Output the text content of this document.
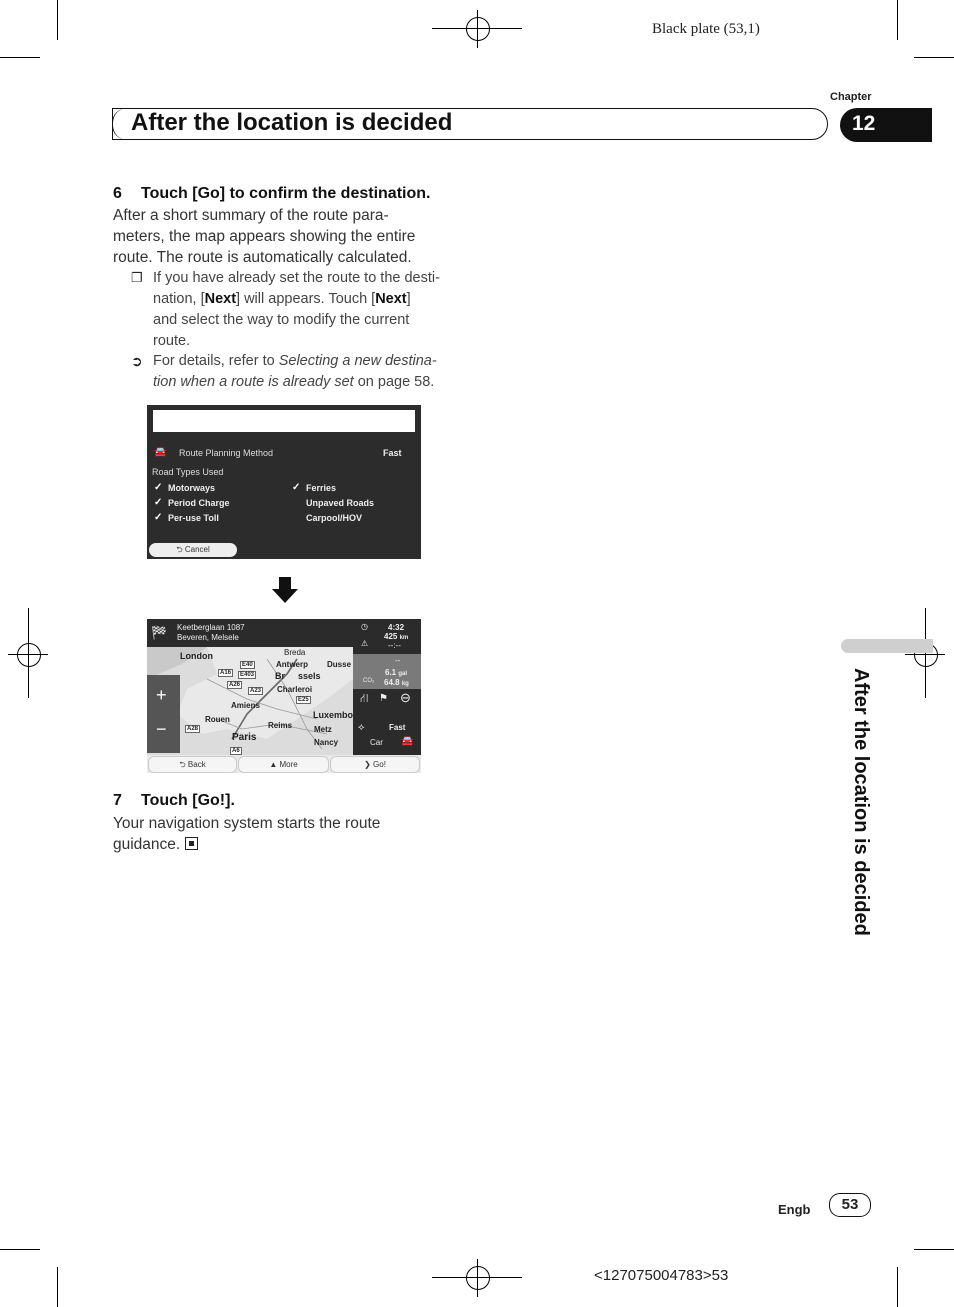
Black plate (53,1)
Chapter
After the location is decided	12
After the location is decided
6 Touch [Go] to confirm the destination.
After a short summary of the route para-
meters, the map appears showing the entire
route. The route is automatically calculated.
❐ If you have already set the route to the desti-
nation, [Next] will appears. Touch [Next]
and select the way to modify the current
route.
➲ For details, refer to Selecting a new destina-
tion when a route is already set on page 58.
🚘 Route Planning Method	Fast
Road Types Used
✓ Motorways
✓ Period Charge
✓ Per-use Toll
✓ Ferries
Unpaved Roads
Carpool/HOV
⮌ Cancel
🏁 Keetberglaan 1087
Beveren, Melsele
◷	4:32
425 km
--:--
⚠
--
6.1 gal
CO₂ 64.8 kg
⛙ ⚑ ⊖
⟡	Fast
Car 🚘
+
−
London	Breda
Antwerp Dusse
Br ssels
Charleroi
Amiens
Rouen
Reims
Luxembo
Paris
Metz
Nancy
E40
A16	E403
A26
A28
A23
E25
A6
⮌ Back	▲ More	❯ Go!
7 Touch [Go!].
Your navigation system starts the route
guidance.
Engb	53
<127075004783>53
